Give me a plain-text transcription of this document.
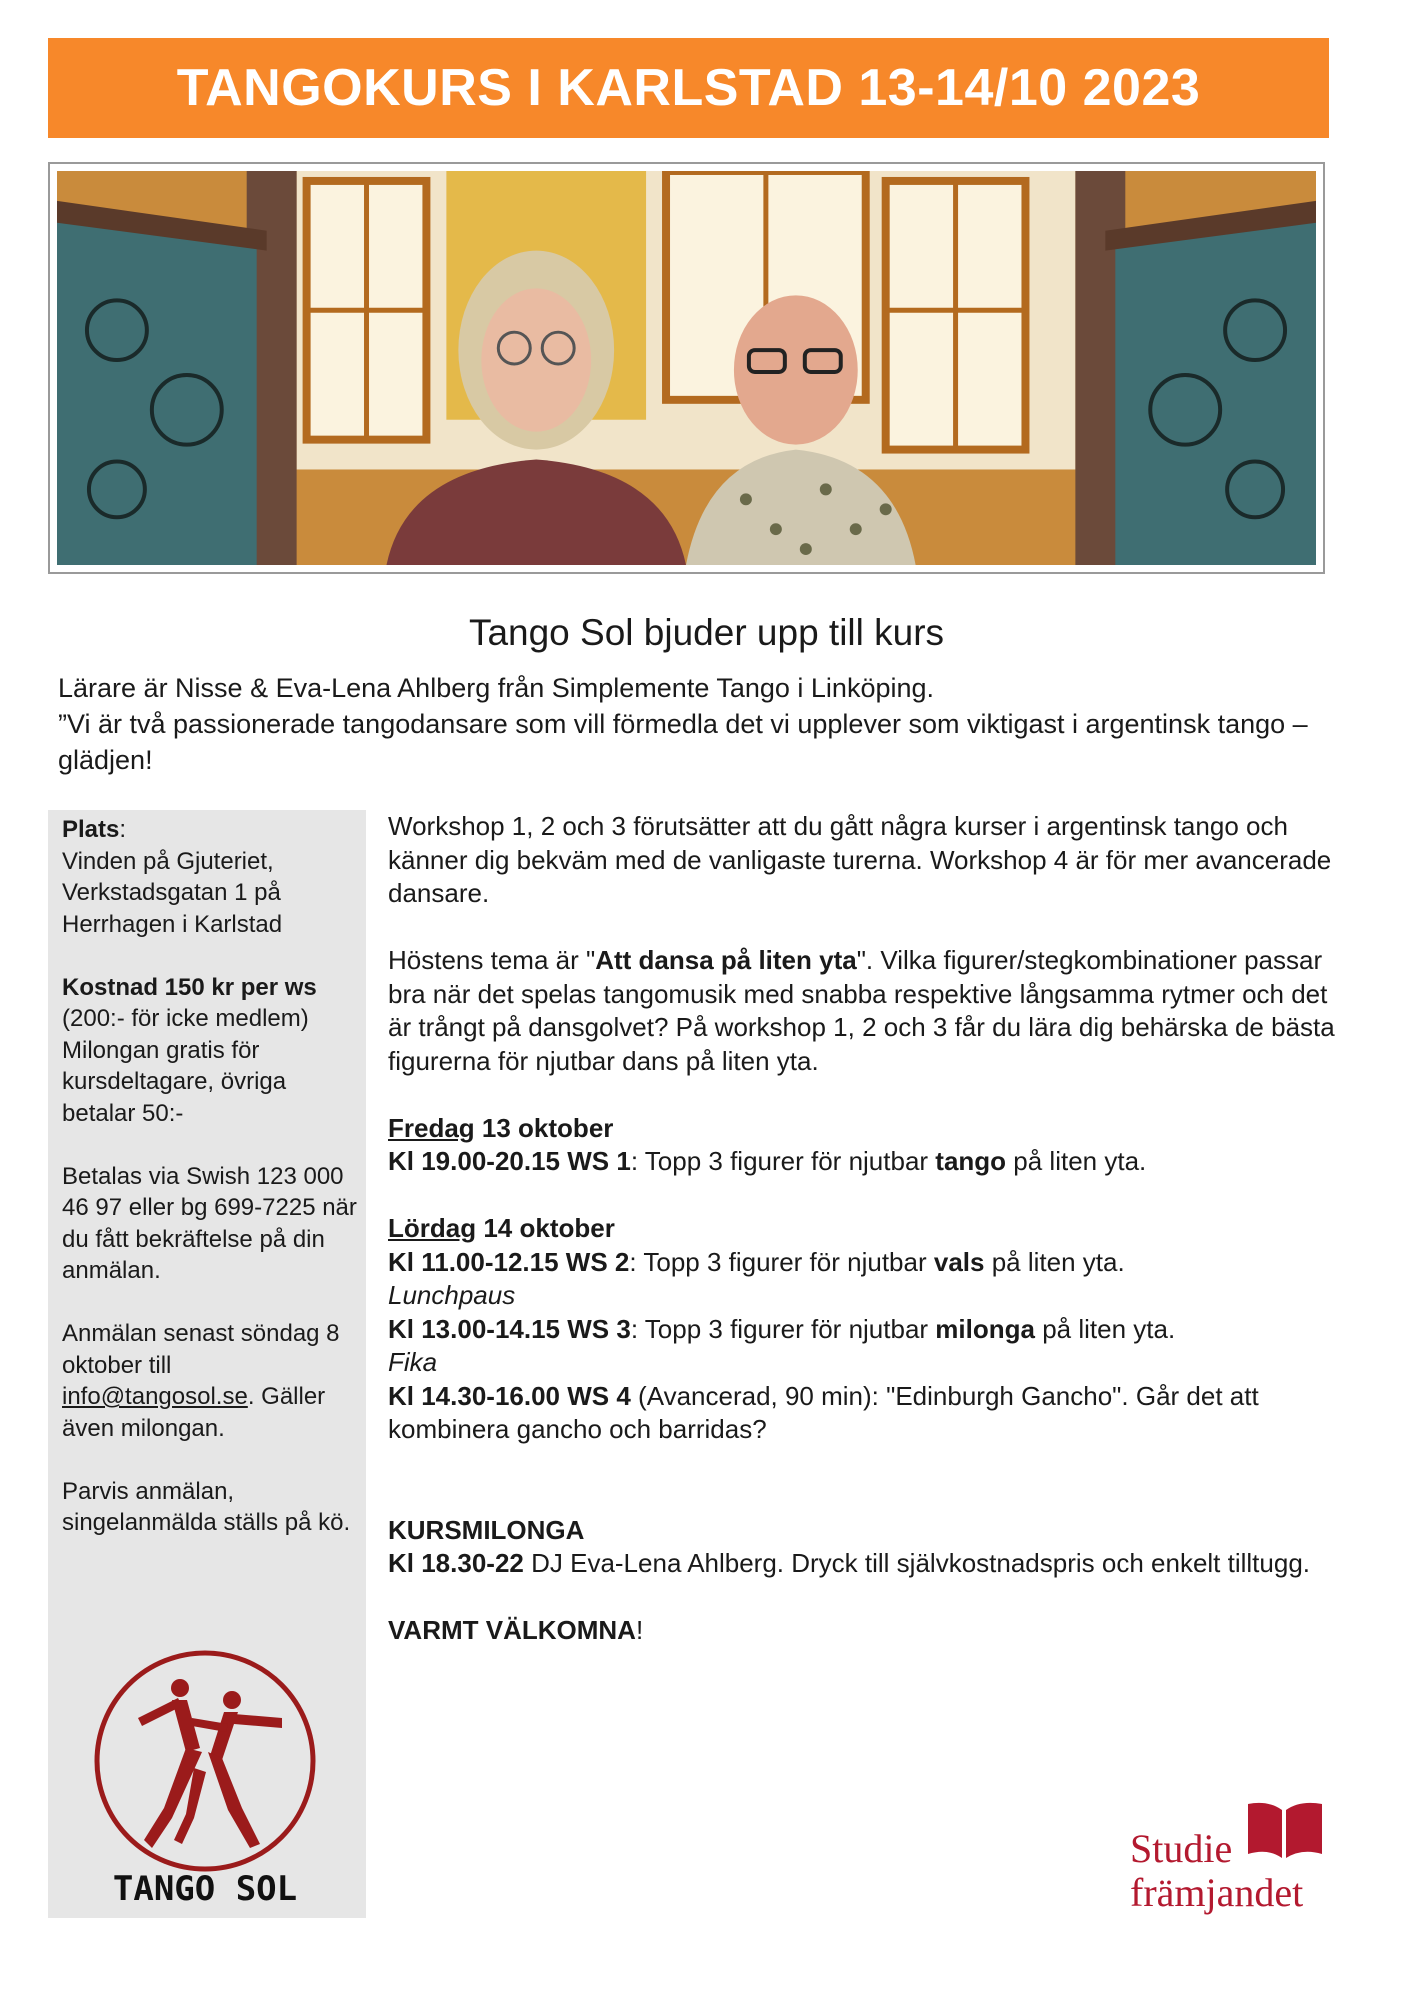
TANGOKURS I KARLSTAD 13-14/10 2023
Tango Sol bjuder upp till kurs

Lärare är Nisse & Eva-Lena Ahlberg från Simplemente Tango i Linköping.

”Vi är två passionerade tangodansare som vill förmedla det vi upplever som viktigast i argentinsk tango – glädjen!

Plats:
Vinden på Gjuteriet, Verkstadsgatan 1 på Herrhagen i Karlstad

Kostnad 150 kr per ws
(200:- för icke medlem) Milongan gratis för kursdeltagare, övriga betalar 50:-

Betalas via Swish 123 000 46 97 eller bg 699-7225 när du fått bekräftelse på din anmälan.

Anmälan senast söndag 8 oktober till info@tangosol.se. Gäller även milongan.

Parvis anmälan, singelanmälda ställs på kö.

TANGO SOL

Workshop 1, 2 och 3 förutsätter att du gått några kurser i argentinsk tango och känner dig bekväm med de vanligaste turerna. Workshop 4 är för mer avancerade dansare.

Höstens tema är "Att dansa på liten yta". Vilka figurer/stegkombinationer passar bra när det spelas tangomusik med snabba respektive långsamma rytmer och det är trångt på dansgolvet? På workshop 1, 2 och 3 får du lära dig behärska de bästa figurerna för njutbar dans på liten yta.

Fredag 13 oktober

Kl 19.00-20.15 WS 1: Topp 3 figurer för njutbar tango på liten yta.

Lördag 14 oktober

Kl 11.00-12.15 WS 2: Topp 3 figurer för njutbar vals på liten yta.

Lunchpaus

Kl 13.00-14.15 WS 3: Topp 3 figurer för njutbar milonga på liten yta.

Fika

Kl 14.30-16.00 WS 4 (Avancerad, 90 min): "Edinburgh Gancho". Går det att kombinera gancho och barridas?

KURSMILONGA

Kl 18.30-22 DJ Eva-Lena Ahlberg. Dryck till självkostnadspris och enkelt tilltugg.

VARMT VÄLKOMNA!

Studie
främjandet
